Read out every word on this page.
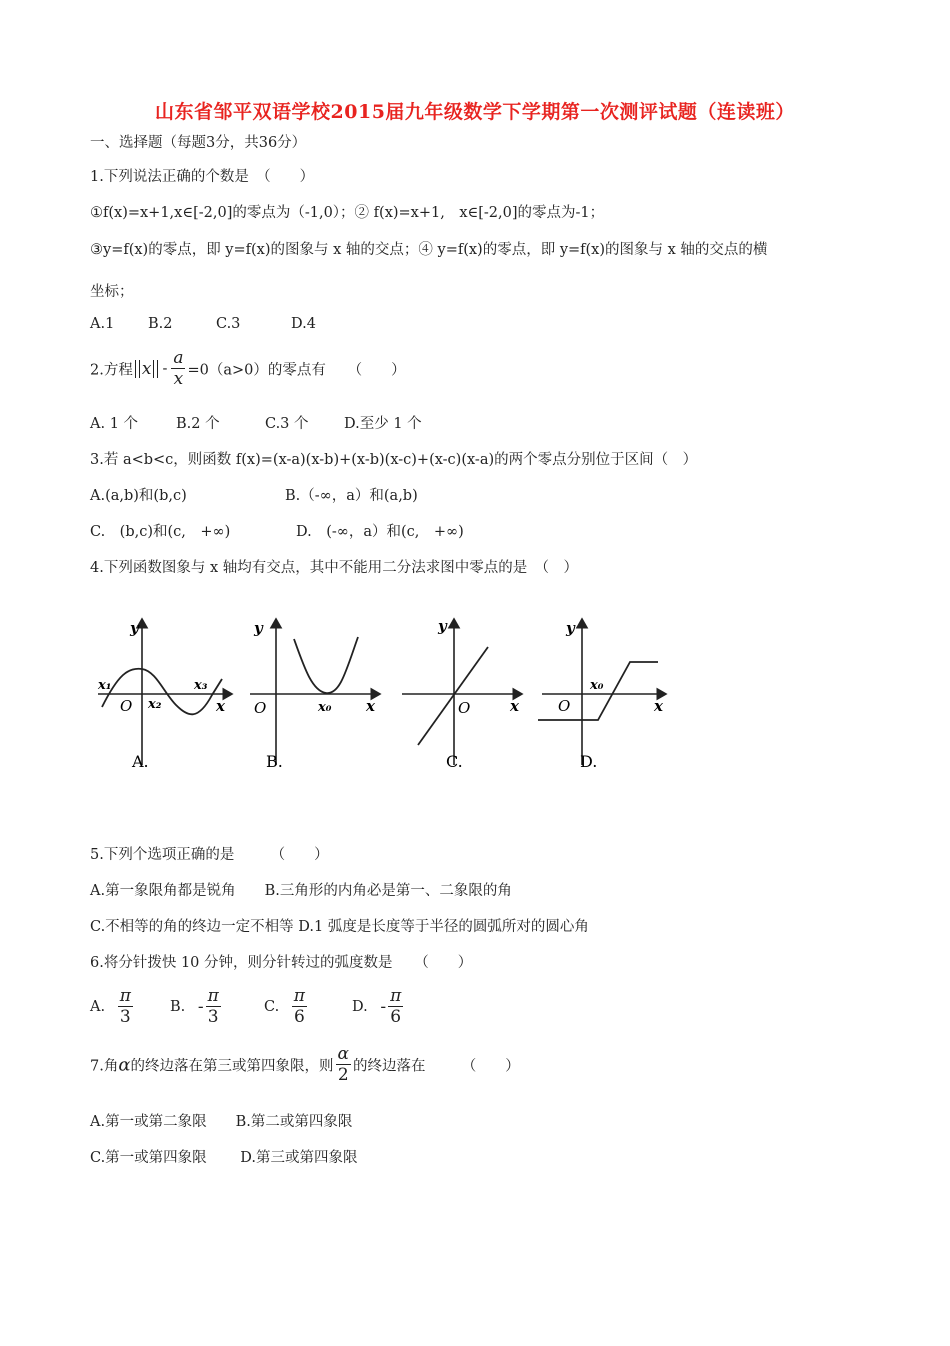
山东省邹平双语学校2015届九年级数学下学期第一次测评试题（连读班）
一、选择题（每题3分，共36分）
1.下列说法正确的个数是　（　　）
①f(x)=x+1,x∈[-2,0]的零点为（-1,0）；② f(x)=x+1,　x∈[-2,0]的零点为-1；
③y=f(x)的零点，即 y=f(x)的图象与 x 轴的交点；④ y=f(x)的零点，即 y=f(x)的图象与 x 轴的交点的横
坐标；
A.1 B.2	C.3	D.4
2.方程 $x - \frac{a}{x} =0(a>0)$的零点有　　（　　）
A. 1 个	B.2 个	C.3 个 D.至少 1 个
3.若 a<b<c，则函数 f(x)=(x-a)(x-b)+(x-b)(x-c)+(x-c)(x-a)的两个零点分别位于区间（　）
A.(a,b)和(b,c)	B.（-∞，a）和(a,b)
C.　(b,c)和(c,　+∞)	D.　(-∞，a）和(c,　+∞)
4.下列函数图象与 x 轴均有交点，其中不能用二分法求图中零点的是　（　）
y
x
O
x₁
x₂
x₃
A.
y
x
O	x₀
B.
y
x
O
C.
y
x
O
x₀
D.
5.下列个选项正确的是　　　（　　）
A.第一象限角都是锐角　　B.三角形的内角必是第一、二象限的角
C.不相等的角的终边一定不相等 D.1 弧度是长度等于半径的圆弧所对的圆心角
6.将分针拨快 10 分钟，则分针转过的弧度数是　　（　　）
A. $\frac{\pi}{3}$	B. - $\frac{\pi}{3}$	C. $\frac{\pi}{6}$	D. - $\frac{\pi}{6}$
7.角α的终边落在第三或第四象限，则 $\frac{\alpha}{2}$ 的终边落在　　　（　　）
A.第一或第二象限　　B.第二或第四象限
C.第一或第四象限　　 D.第三或第四象限
